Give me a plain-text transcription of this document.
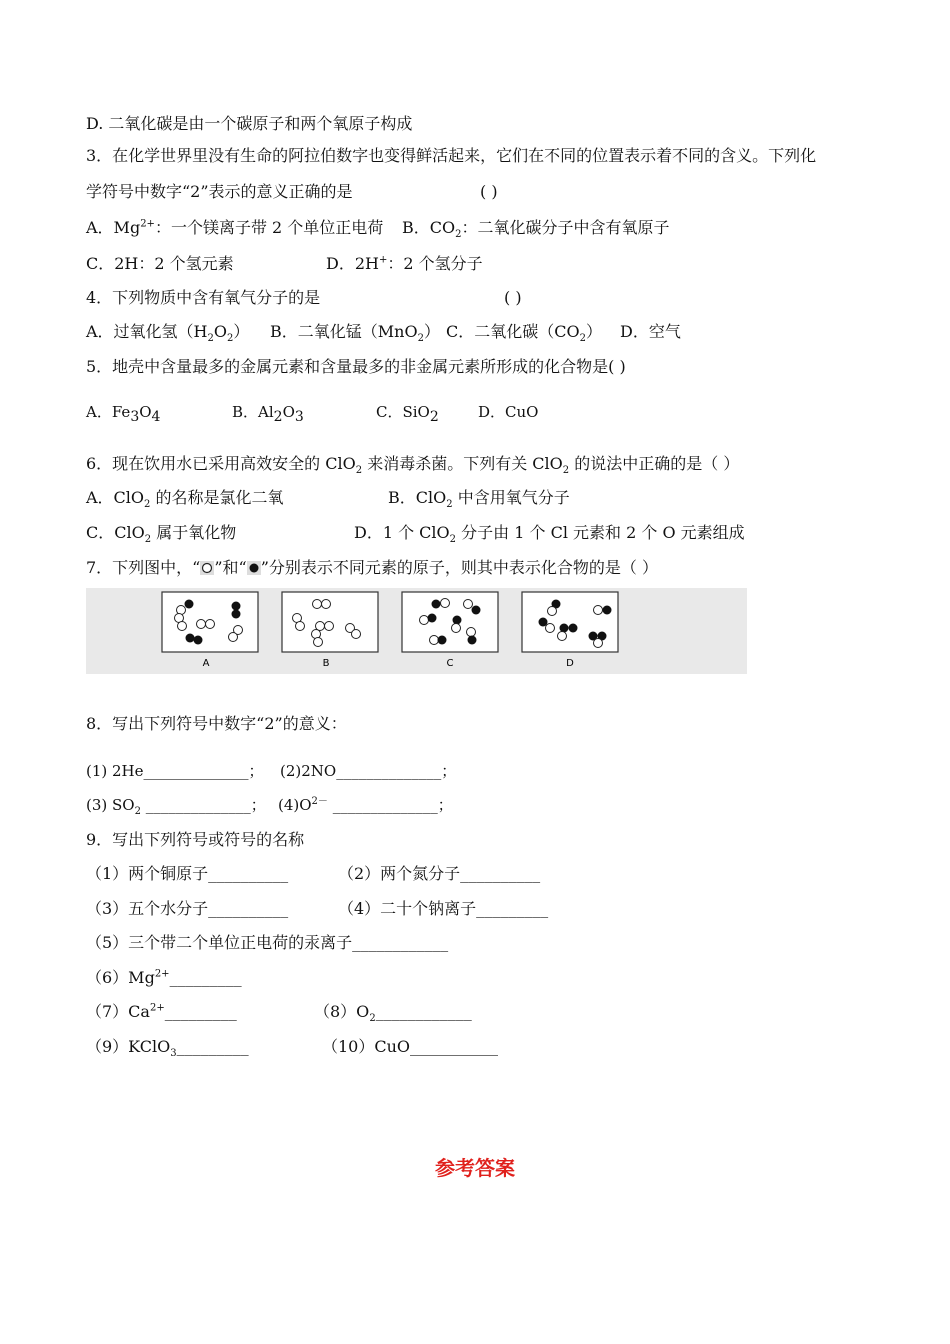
D. 二氧化碳是由一个碳原子和两个氧原子构成
3．在化学世界里没有生命的阿拉伯数字也变得鲜活起来，它们在不同的位置表示着不同的含义。下列化
学符号中数字“2”表示的意义正确的是	( )
A．$Mg^{2+}$：一个镁离子带 2 个单位正电荷 B．$CO_2$：二氧化碳分子中含有氧原子
C．2H：2 个氢元素	D．2H+：2 个氢分子
4．下列物质中含有氧气分子的是	( )
A．过氧化氢$(H_2O_2)$ B．二氧化锰（MnO$_2$） C．二氧化碳$(CO_2)$ D．空气
5．地壳中含量最多的金属元素和含量最多的非金属元素所形成的化合物是( )
A．$Fe_3O_4$	B．$Al_2O_3$	C．SiO$_2$	D．CuO
6．现在饮用水已采用高效安全的 ClO$_2$ 来消毒杀菌。下列有关 ClO$_2$ 的说法中正确的是（ ）
A．ClO$_2$ 的名称是氯化二氧	B．ClO$_2$ 中含用氧气分子
C．ClO$_2$ 属于氧化物	D．1 个 ClO$_2$ 分子由 1 个 Cl 元素和 2 个 O 元素组成
7．下列图中，“ ”和“ ”分别表示不同元素的原子，则其中表示化合物的是（ ）
A	B	C	D
8．写出下列符号中数字“2”的意义：
(1) 2He______________； (2)2NO______________；
(3) $SO_2$ ______________； $(4)O^{2-}$ ______________；
9．写出下列符号或符号的名称
（1）两个铜原子__________	（2）两个氮分子__________
（3）五个水分子__________	（4）二十个钠离子_________
（5）三个带二个单位正电荷的汞离子____________
$(6)Mg^{2+}\_\_\_\_\_\_\_\_\_$
$(7)Ca^{2+}\_\_\_\_\_\_\_\_\_$	$(8)O_2\_\_\_\_\_\_\_\_\_\_\_\_$
（9）KClO$_3$_________	（10）CuO___________
参考答案
